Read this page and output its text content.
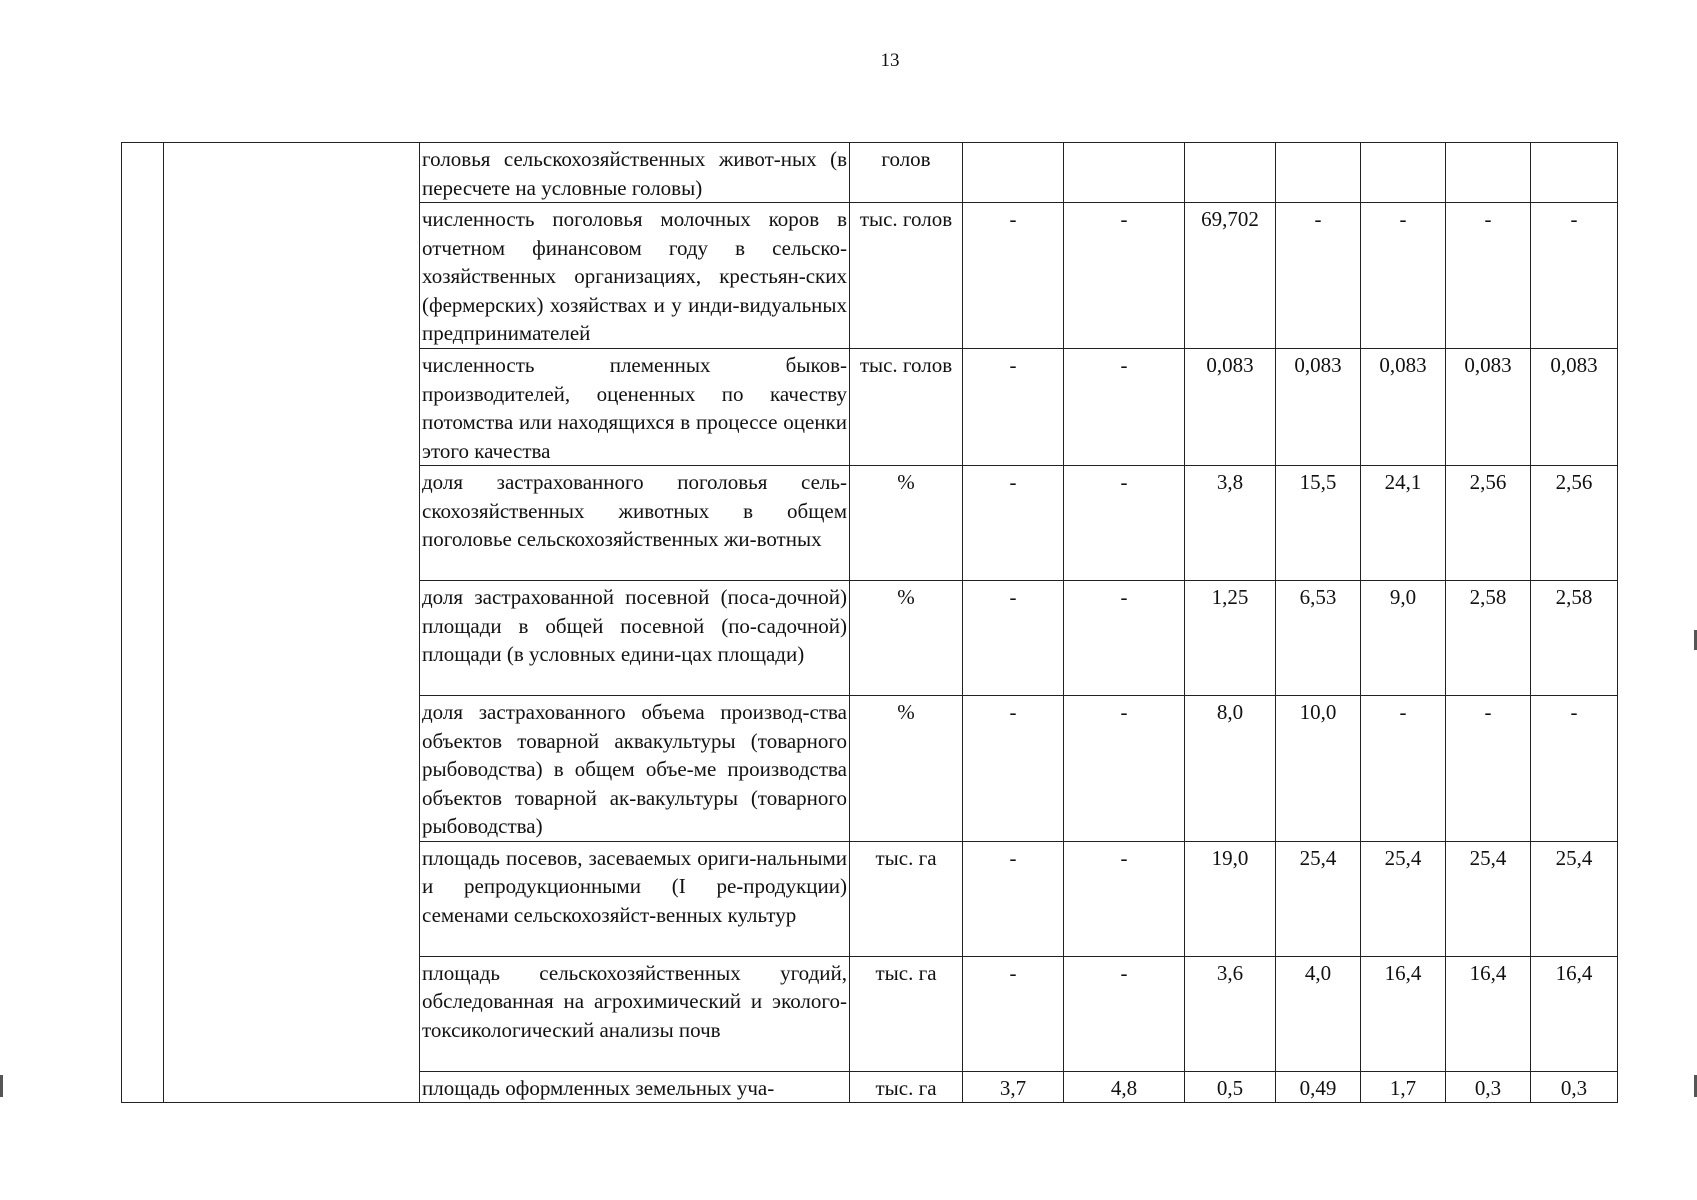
13
		головья сельскохозяйственных живот-ных (в пересчете на условные головы)	голов							
		численность поголовья молочных коров в отчетном финансовом году в сельско-хозяйственных организациях, крестьян-ских (фермерских) хозяйствах и у инди-видуальных предпринимателей	тыс. голов	-	-	69,702	-	-	-	-
		численность племенных быков-производителей, оцененных по качеству потомства или находящихся в процессе оценки этого качества	тыс. голов	-	-	0,083	0,083	0,083	0,083	0,083
		доля застрахованного поголовья сель-скохозяйственных животных в общем поголовье сельскохозяйственных жи-вотных	%	-	-	3,8	15,5	24,1	2,56	2,56
		доля застрахованной посевной (поса-дочной) площади в общей посевной (по-садочной) площади (в условных едини-цах площади)	%	-	-	1,25	6,53	9,0	2,58	2,58
		доля застрахованного объема производ-ства объектов товарной аквакультуры (товарного рыбоводства) в общем объе-ме производства объектов товарной ак-вакультуры (товарного рыбоводства)	%	-	-	8,0	10,0	-	-	-
		площадь посевов, засеваемых ориги-нальными и репродукционными (I ре-продукции) семенами сельскохозяйст-венных культур	тыс. га	-	-	19,0	25,4	25,4	25,4	25,4
		площадь сельскохозяйственных угодий, обследованная на агрохимический и эколого-токсикологический анализы почв	тыс. га	-	-	3,6	4,0	16,4	16,4	16,4
		площадь оформленных земельных уча-	тыс. га	3,7	4,8	0,5	0,49	1,7	0,3	0,3
